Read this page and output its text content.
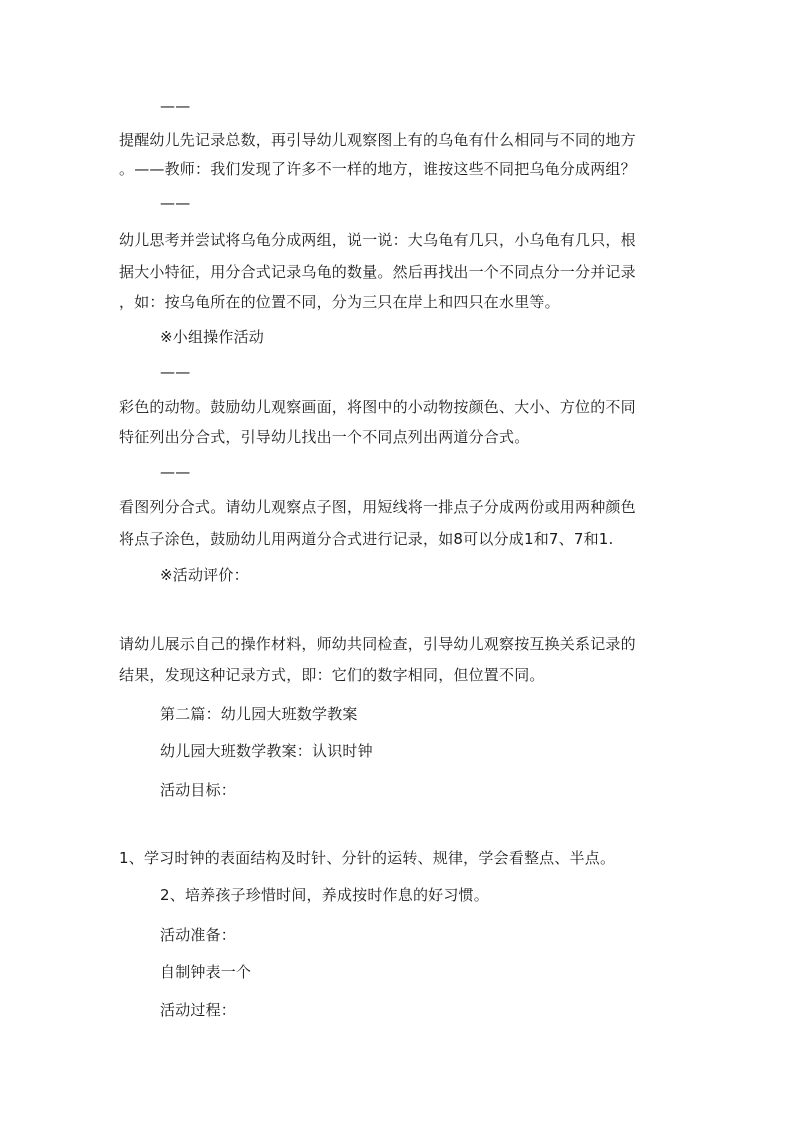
——
提醒幼儿先记录总数，再引导幼儿观察图上有的乌龟有什么相同与不同的地方
。——教师：我们发现了许多不一样的地方，谁按这些不同把乌龟分成两组？
——
幼儿思考并尝试将乌龟分成两组，说一说：大乌龟有几只，小乌龟有几只，根
据大小特征，用分合式记录乌龟的数量。然后再找出一个不同点分一分并记录
，如：按乌龟所在的位置不同，分为三只在岸上和四只在水里等。
※小组操作活动
——
彩色的动物。鼓励幼儿观察画面，将图中的小动物按颜色、大小、方位的不同
特征列出分合式，引导幼儿找出一个不同点列出两道分合式。
——
看图列分合式。请幼儿观察点子图，用短线将一排点子分成两份或用两种颜色
将点子涂色，鼓励幼儿用两道分合式进行记录，如8可以分成1和7、7和1.
※活动评价：
请幼儿展示自己的操作材料，师幼共同检查，引导幼儿观察按互换关系记录的
结果，发现这种记录方式，即：它们的数字相同，但位置不同。
第二篇：幼儿园大班数学教案
幼儿园大班数学教案：认识时钟
活动目标：
1、学习时钟的表面结构及时针、分针的运转、规律，学会看整点、半点。
2、培养孩子珍惜时间，养成按时作息的好习惯。
活动准备：
自制钟表一个
活动过程：
